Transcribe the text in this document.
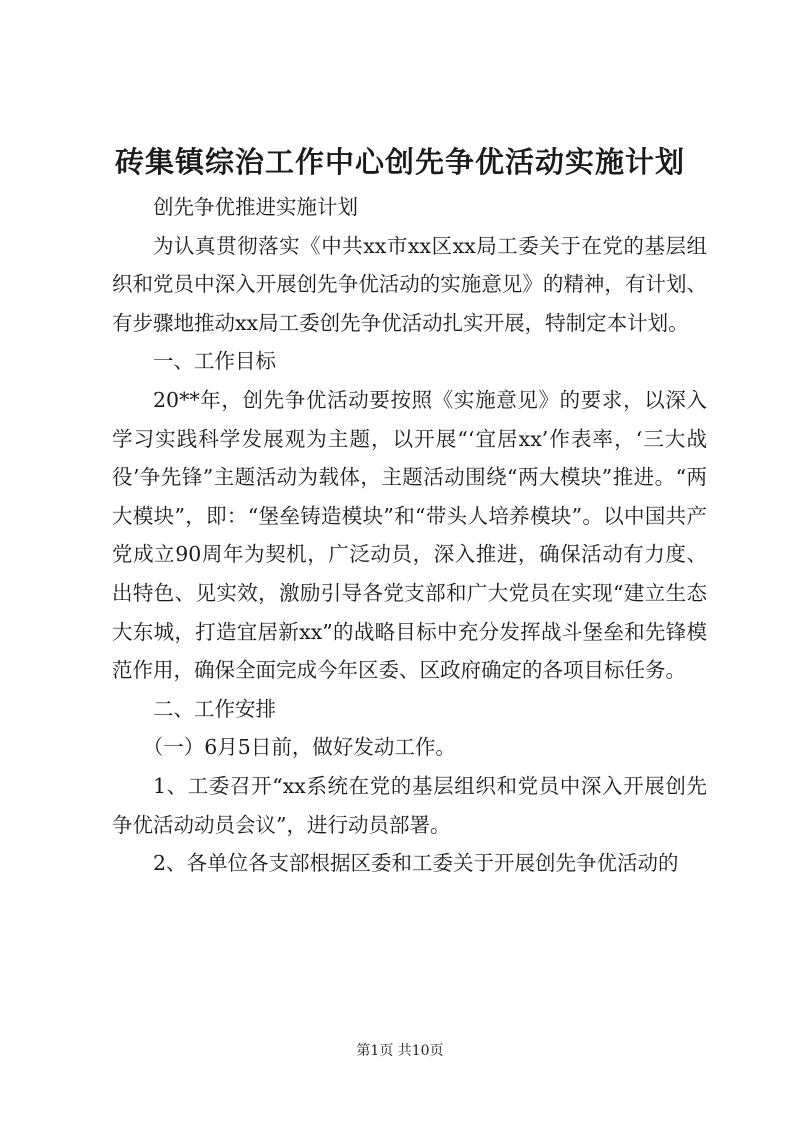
砖集镇综治工作中心创先争优活动实施计划

创先争优推进实施计划

为认真贯彻落实《中共xx市xx区xx局工委关于在党的基层组织和党员中深入开展创先争优活动的实施意见》的精神，有计划、有步骤地推动xx局工委创先争优活动扎实开展，特制定本计划。

一、工作目标

20**年，创先争优活动要按照《实施意见》的要求，以深入学习实践科学发展观为主题，以开展“‘宜居xx’作表率，‘三大战役’争先锋”主题活动为载体，主题活动围绕“两大模块”推进。“两大模块”，即：“堡垒铸造模块”和“带头人培养模块”。以中国共产党成立90周年为契机，广泛动员，深入推进，确保活动有力度、出特色、见实效，激励引导各党支部和广大党员在实现“建立生态大东城，打造宜居新xx”的战略目标中充分发挥战斗堡垒和先锋模范作用，确保全面完成今年区委、区政府确定的各项目标任务。

二、工作安排

（一）6月5日前，做好发动工作。

1、工委召开“xx系统在党的基层组织和党员中深入开展创先争优活动动员会议”，进行动员部署。

2、各单位各支部根据区委和工委关于开展创先争优活动的

第1页 共10页
